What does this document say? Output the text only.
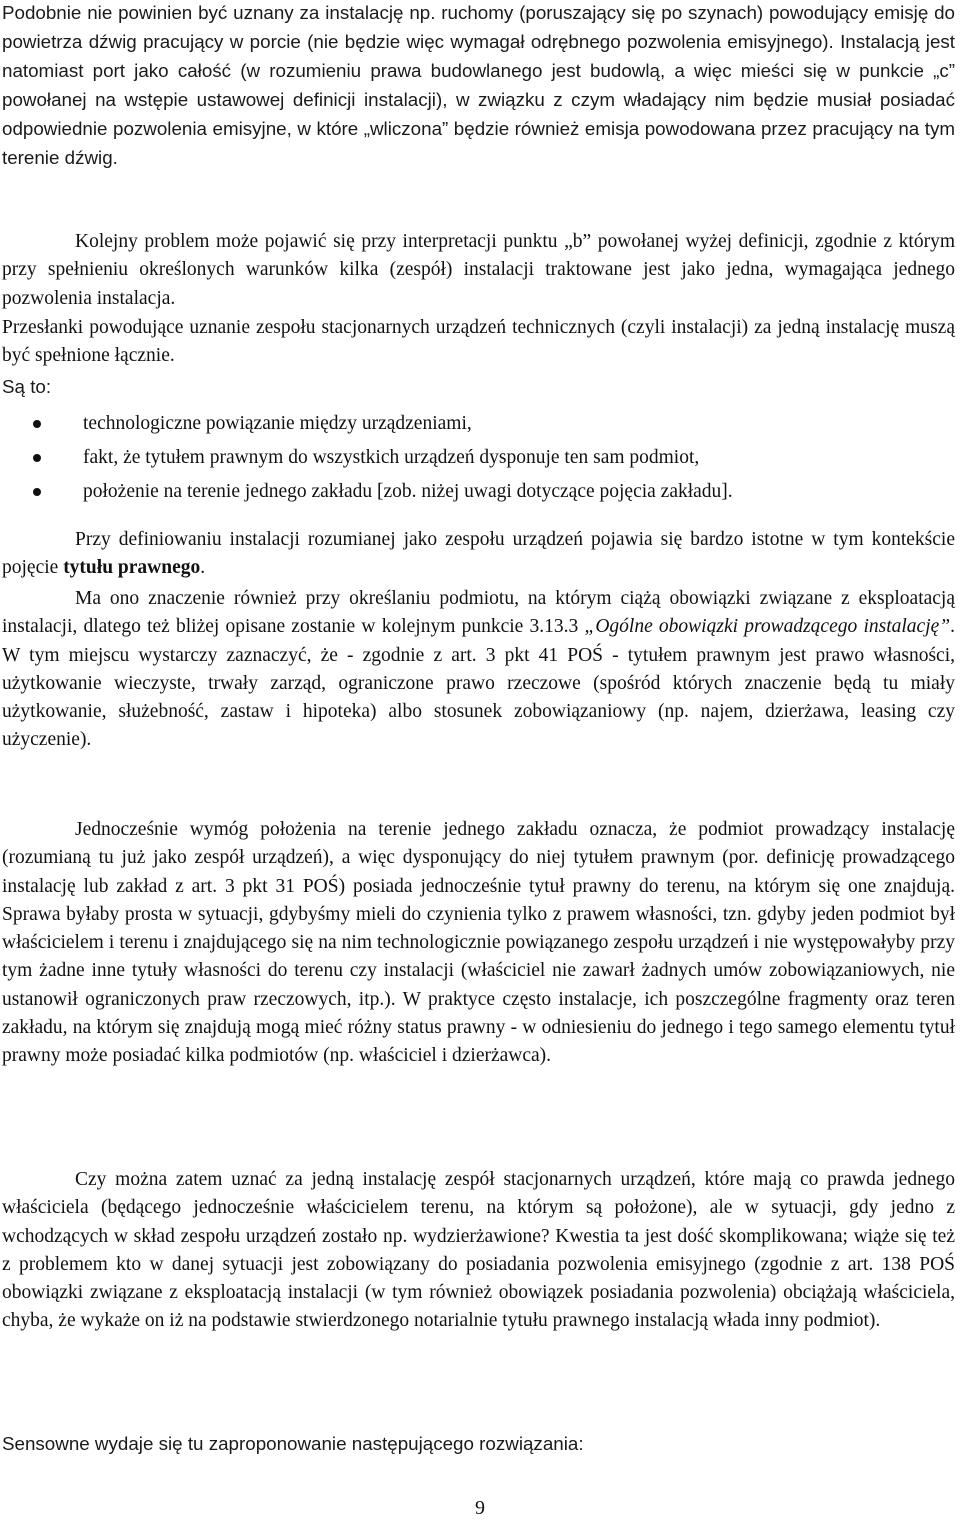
Podobnie nie powinien być uznany za instalację np. ruchomy (poruszający się po szynach) powodujący emisję do powietrza dźwig pracujący w porcie (nie będzie więc wymagał odrębnego pozwolenia emisyjnego). Instalacją jest natomiast port jako całość (w rozumieniu prawa budowlanego jest budowlą, a więc mieści się w punkcie „c” powołanej na wstępie ustawowej definicji instalacji), w związku z czym władający nim będzie musiał posiadać odpowiednie pozwolenia emisyjne, w które „wliczona” będzie również emisja powodowana przez pracujący na tym terenie dźwig.

Kolejny problem może pojawić się przy interpretacji punktu „b” powołanej wyżej definicji, zgodnie z którym przy spełnieniu określonych warunków kilka (zespół) instalacji traktowane jest jako jedna, wymagająca jednego pozwolenia instalacja.

Przesłanki powodujące uznanie zespołu stacjonarnych urządzeń technicznych (czyli instalacji) za jedną instalację muszą być spełnione łącznie.

Są to:

technologiczne powiązanie między urządzeniami,
fakt, że tytułem prawnym do wszystkich urządzeń dysponuje ten sam podmiot,
położenie na terenie jednego zakładu [zob. niżej uwagi dotyczące pojęcia zakładu].

Przy definiowaniu instalacji rozumianej jako zespołu urządzeń pojawia się bardzo istotne w tym kontekście pojęcie tytułu prawnego.

Ma ono znaczenie również przy określaniu podmiotu, na którym ciążą obowiązki związane z eksploatacją instalacji, dlatego też bliżej opisane zostanie w kolejnym punkcie 3.13.3 „Ogólne obowiązki prowadzącego instalację”. W tym miejscu wystarczy zaznaczyć, że - zgodnie z art. 3 pkt 41 POŚ - tytułem prawnym jest prawo własności, użytkowanie wieczyste, trwały zarząd, ograniczone prawo rzeczowe (spośród których znaczenie będą tu miały użytkowanie, służebność, zastaw i hipoteka) albo stosunek zobowiązaniowy (np. najem, dzierżawa, leasing czy użyczenie).

Jednocześnie wymóg położenia na terenie jednego zakładu oznacza, że podmiot prowadzący instalację (rozumianą tu już jako zespół urządzeń), a więc dysponujący do niej tytułem prawnym (por. definicję prowadzącego instalację lub zakład z art. 3 pkt 31 POŚ) posiada jednocześnie tytuł prawny do terenu, na którym się one znajdują. Sprawa byłaby prosta w sytuacji, gdybyśmy mieli do czynienia tylko z prawem własności, tzn. gdyby jeden podmiot był właścicielem i terenu i znajdującego się na nim technologicznie powiązanego zespołu urządzeń i nie występowałyby przy tym żadne inne tytuły własności do terenu czy instalacji (właściciel nie zawarł żadnych umów zobowiązaniowych, nie ustanowił ograniczonych praw rzeczowych, itp.). W praktyce często instalacje, ich poszczególne fragmenty oraz teren zakładu, na którym się znajdują mogą mieć różny status prawny - w odniesieniu do jednego i tego samego elementu tytuł prawny może posiadać kilka podmiotów (np. właściciel i dzierżawca).

Czy można zatem uznać za jedną instalację zespół stacjonarnych urządzeń, które mają co prawda jednego właściciela (będącego jednocześnie właścicielem terenu, na którym są położone), ale w sytuacji, gdy jedno z wchodzących w skład zespołu urządzeń zostało np. wydzierżawione? Kwestia ta jest dość skomplikowana; wiąże się też z problemem kto w danej sytuacji jest zobowiązany do posiadania pozwolenia emisyjnego (zgodnie z art. 138 POŚ obowiązki związane z eksploatacją instalacji (w tym również obowiązek posiadania pozwolenia) obciążają właściciela, chyba, że wykaże on iż na podstawie stwierdzonego notarialnie tytułu prawnego instalacją włada inny podmiot).

Sensowne wydaje się tu zaproponowanie następującego rozwiązania:

9
